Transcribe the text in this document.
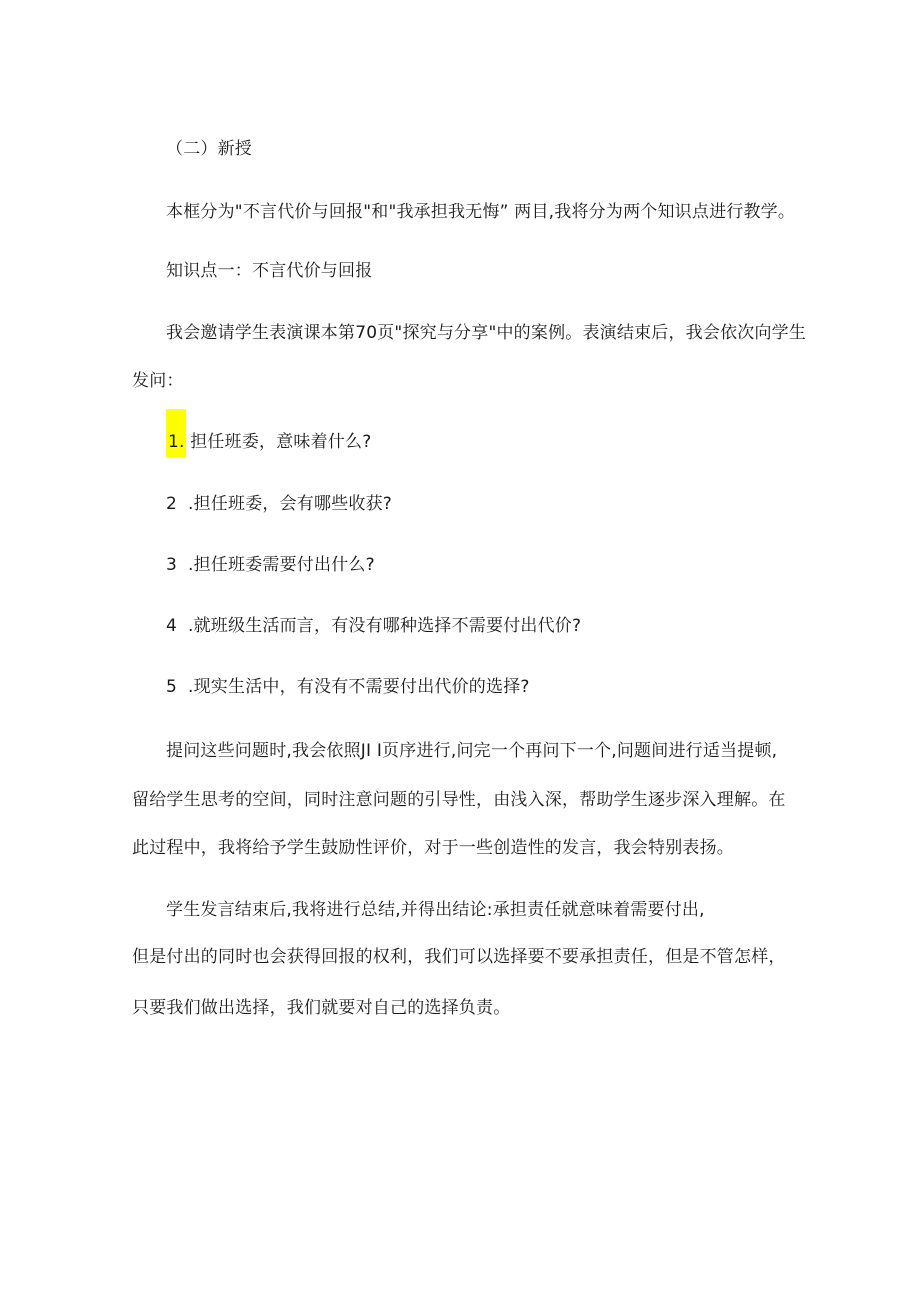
（二）新授
本框分为"不言代价与回报"和"我承担我无悔” 两目,我将分为两个知识点进行教学。
知识点一：不言代价与回报
我会邀请学生表演课本第70页"探究与分享"中的案例。表演结束后，我会依次向学生
发问：
1. 担任班委，意味着什么?
2 .担任班委，会有哪些收获?
3 .担任班委需要付出什么?
4 .就班级生活而言，有没有哪种选择不需要付出代价?
5 .现实生活中，有没有不需要付出代价的选择?
提问这些问题时,我会依照JI I页序进行,问完一个再问下一个,问题间进行适当提顿,
留给学生思考的空间，同时注意问题的引导性，由浅入深，帮助学生逐步深入理解。在
此过程中，我将给予学生鼓励性评价，对于一些创造性的发言，我会特别表扬。
学生发言结束后,我将进行总结,并得出结论:承担责任就意味着需要付出,
但是付出的同时也会获得回报的权利，我们可以选择要不要承担责任，但是不管怎样，
只要我们做出选择，我们就要对自己的选择负责。
